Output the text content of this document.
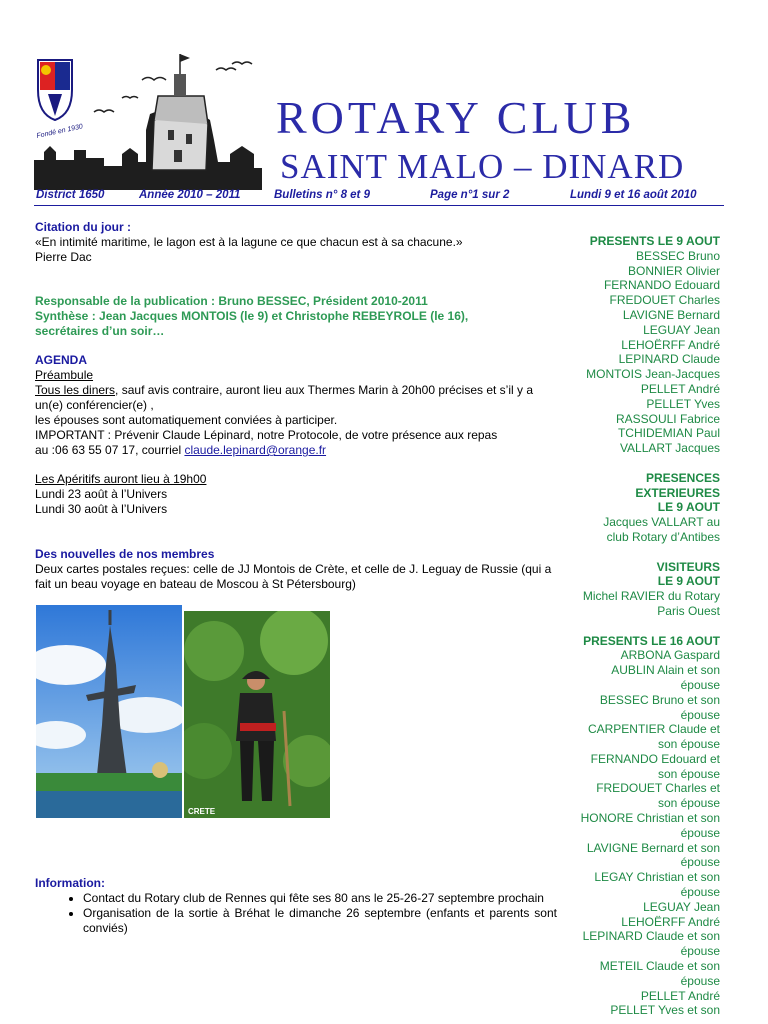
Fondé en 1930	ROTARY CLUB
SAINT MALO – DINARD
District 1650	Année 2010 – 2011	Bulletins n° 8 et 9	Page n°1 sur 2	Lundi 9 et 16 août 2010
Citation du jour :
«En intimité maritime, le lagon est à la lagune ce que chacun est à sa chacune.»
Pierre Dac
Responsable de la publication : Bruno BESSEC, Président 2010-2011
Synthèse : Jean Jacques MONTOIS (le 9) et Christophe REBEYROLE (le 16),
secrétaires d’un soir…
AGENDA
Préambule
Tous les diners, sauf avis contraire, auront lieu aux Thermes Marin à 20h00 précises et s’il y a un(e) conférencier(e) ,
les épouses sont automatiquement conviées à participer.
IMPORTANT : Prévenir Claude Lépinard, notre Protocole, de votre présence aux repas
au :06 63 55 07 17, courriel claude.lepinard@orange.fr
Les Apéritifs auront lieu à 19h00
Lundi 23 août à l’Univers
Lundi 30 août à l’Univers
Des nouvelles de nos membres
Deux cartes postales reçues: celle de JJ Montois de Crète, et celle de J. Leguay de Russie (qui a fait un beau voyage en bateau de Moscou à St Pétersbourg)
CRETE
Information:
• Contact du Rotary club de Rennes qui fête ses 80 ans le 25-26-27 septembre prochain
• Organisation de la sortie à Bréhat le dimanche 26 septembre (enfants et parents sont conviés)
PRESENTS LE 9 AOUT
BESSEC Bruno
BONNIER Olivier
FERNANDO Edouard
FREDOUET Charles
LAVIGNE Bernard
LEGUAY Jean
LEHOËRFF André
LEPINARD Claude
MONTOIS Jean-Jacques
PELLET André
PELLET Yves
RASSOULI Fabrice
TCHIDEMIAN Paul
VALLART Jacques
PRESENCES
EXTERIEURES
LE 9 AOUT
Jacques VALLART au
club Rotary d’Antibes
VISITEURS
LE 9 AOUT
Michel RAVIER du Rotary
Paris Ouest
PRESENTS LE 16 AOUT
ARBONA Gaspard
AUBLIN Alain et son
épouse
BESSEC Bruno et son
épouse
CARPENTIER Claude et
son épouse
FERNANDO Edouard et
son épouse
FREDOUET Charles et
son épouse
HONORE Christian et son
épouse
LAVIGNE Bernard et son
épouse
LEGAY Christian et son
épouse
LEGUAY Jean
LEHOËRFF André
LEPINARD Claude et son
épouse
METEIL Claude et son
épouse
PELLET André
PELLET Yves et son
